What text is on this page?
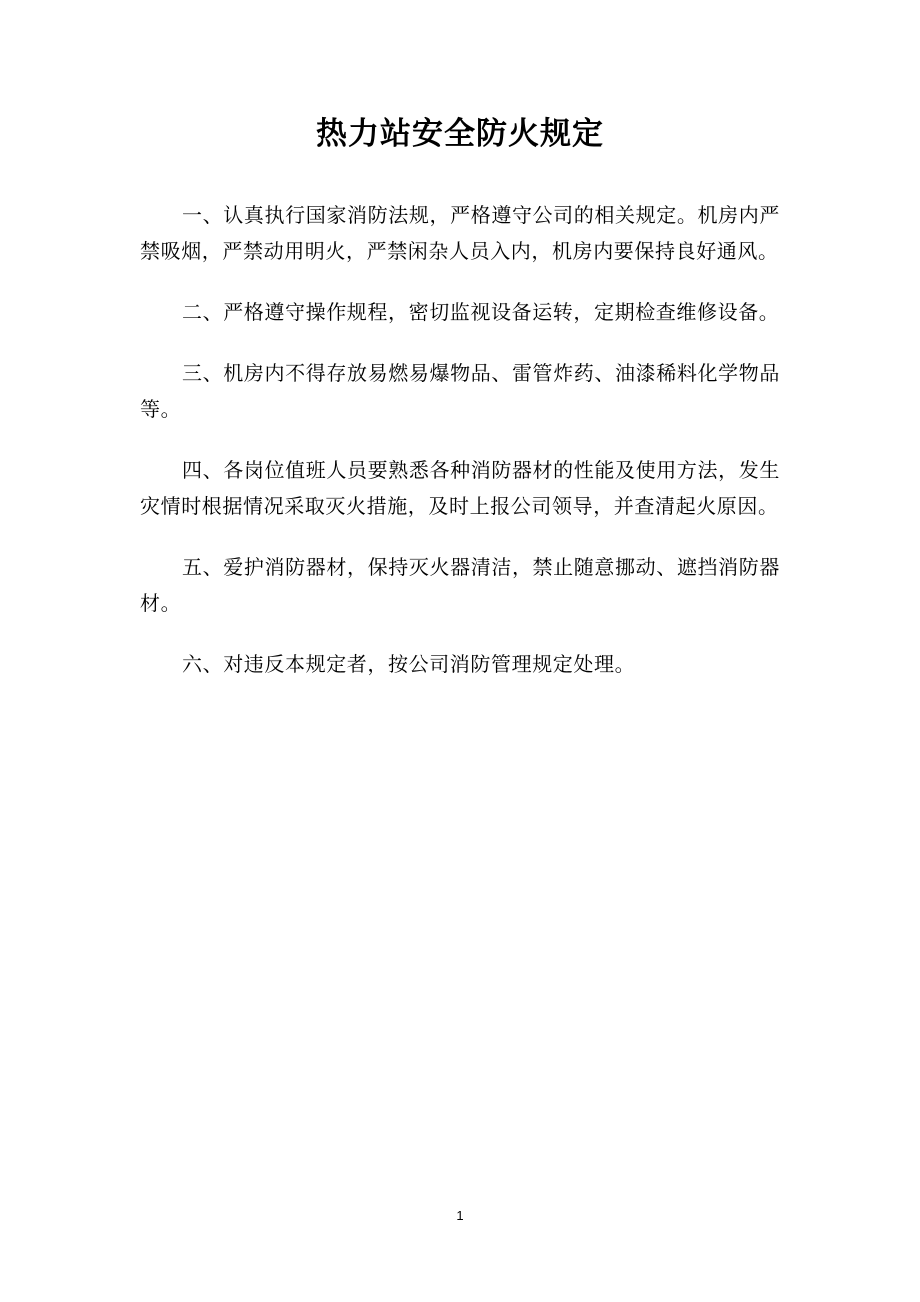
热力站安全防火规定

一、认真执行国家消防法规，严格遵守公司的相关规定。机房内严禁吸烟，严禁动用明火，严禁闲杂人员入内，机房内要保持良好通风。

二、严格遵守操作规程，密切监视设备运转，定期检查维修设备。

三、机房内不得存放易燃易爆物品、雷管炸药、油漆稀料化学物品等。

四、各岗位值班人员要熟悉各种消防器材的性能及使用方法，发生灾情时根据情况采取灭火措施，及时上报公司领导，并查清起火原因。

五、爱护消防器材，保持灭火器清洁，禁止随意挪动、遮挡消防器材。

六、对违反本规定者，按公司消防管理规定处理。

1
